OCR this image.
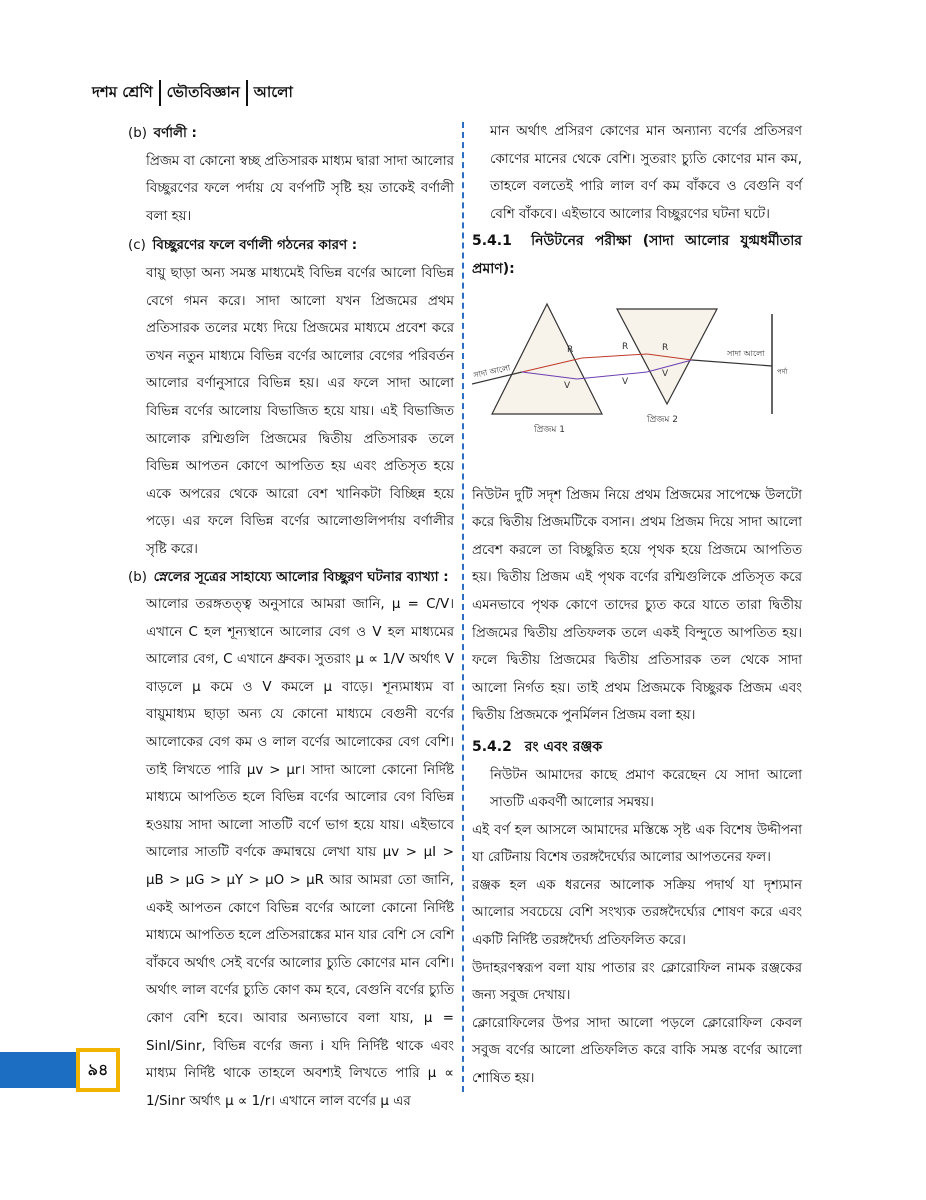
দশম শ্রেণি ভৌতবিজ্ঞান আলো

(b) বর্ণালী :

প্রিজম বা কোনো স্বচ্ছ প্রতিসারক মাধ্যম দ্বারা সাদা আলোর বিচ্ছুরণের ফলে পর্দায় যে বর্ণপটি সৃষ্টি হয় তাকেই বর্ণালী বলা হয়।

(c) বিচ্ছুরণের ফলে বর্ণালী গঠনের কারণ :

বায়ু ছাড়া অন্য সমস্ত মাধ্যমেই বিভিন্ন বর্ণের আলো বিভিন্ন বেগে গমন করে। সাদা আলো যখন প্রিজমের প্রথম প্রতিসারক তলের মধ্যে দিয়ে প্রিজমের মাধ্যমে প্রবেশ করে তখন নতুন মাধ্যমে বিভিন্ন বর্ণের আলোর বেগের পরিবর্তন আলোর বর্ণানুসারে বিভিন্ন হয়। এর ফলে সাদা আলো বিভিন্ন বর্ণের আলোয় বিভাজিত হয়ে যায়। এই বিভাজিত আলোক রশ্মিগুলি প্রিজমের দ্বিতীয় প্রতিসারক তলে বিভিন্ন আপতন কোণে আপতিত হয় এবং প্রতিসৃত হয়ে একে অপরের থেকে আরো বেশ খানিকটা বিচ্ছিন্ন হয়ে পড়ে। এর ফলে বিভিন্ন বর্ণের আলোগুলিপর্দায় বর্ণালীর সৃষ্টি করে।

(b) স্নেলের সূত্রের সাহায্যে আলোর বিচ্ছুরণ ঘটনার ব্যাখ্যা :

আলোর তরঙ্গতত্ত্ব অনুসারে আমরা জানি, μ = C/V। এখানে C হল শূন্যস্থানে আলোর বেগ ও V হল মাধ্যমের আলোর বেগ, C এখানে ধ্রুবক। সুতরাং μ ∝ 1/V অর্থাৎ V বাড়লে μ কমে ও V কমলে μ বাড়ে। শূন্যমাধ্যম বা বায়ুমাধ্যম ছাড়া অন্য যে কোনো মাধ্যমে বেগুনী বর্ণের আলোকের বেগ কম ও লাল বর্ণের আলোকের বেগ বেশি। তাই লিখতে পারি μv > μr। সাদা আলো কোনো নির্দিষ্ট মাধ্যমে আপতিত হলে বিভিন্ন বর্ণের আলোর বেগ বিভিন্ন হওয়ায় সাদা আলো সাতটি বর্ণে ভাগ হয়ে যায়। এইভাবে আলোর সাতটি বর্ণকে ক্রমান্বয়ে লেখা যায় μv > μI > μB > μG > μY > μO > μR আর আমরা তো জানি, একই আপতন কোণে বিভিন্ন বর্ণের আলো কোনো নির্দিষ্ট মাধ্যমে আপতিত হলে প্রতিসরাঙ্কের মান যার বেশি সে বেশি বাঁকবে অর্থাৎ সেই বর্ণের আলোর চ্যুতি কোণের মান বেশি। অর্থাৎ লাল বর্ণের চ্যুতি কোণ কম হবে, বেগুনি বর্ণের চ্যুতি কোণ বেশি হবে। আবার অন্যভাবে বলা যায়, μ = SinI/Sinr, বিভিন্ন বর্ণের জন্য i যদি নির্দিষ্ট থাকে এবং মাধ্যম নির্দিষ্ট থাকে তাহলে অবশ্যই লিখতে পারি μ ∝ 1/Sinr অর্থাৎ μ ∝ 1/r। এখানে লাল বর্ণের μ এর

মান অর্থাৎ প্রসিরণ কোণের মান অন্যান্য বর্ণের প্রতিসরণ কোণের মানের থেকে বেশি। সুতরাং চ্যুতি কোণের মান কম, তাহলে বলতেই পারি লাল বর্ণ কম বাঁকবে ও বেগুনি বর্ণ বেশি বাঁকবে। এইভাবে আলোর বিচ্ছুরণের ঘটনা ঘটে।

5.4.1 নিউটনের পরীক্ষা (সাদা আলোর যুগ্মধর্মীতার প্রমাণ):

সাদা আলো
সাদা আলো
পর্দা
প্রিজম 1
প্রিজম 2
R
V
R
V
R
V

নিউটন দুটি সদৃশ প্রিজম নিয়ে প্রথম প্রিজমের সাপেক্ষে উলটো করে দ্বিতীয় প্রিজমটিকে বসান। প্রথম প্রিজম দিয়ে সাদা আলো প্রবেশ করলে তা বিচ্ছুরিত হয়ে পৃথক হয়ে প্রিজমে আপতিত হয়। দ্বিতীয় প্রিজম এই পৃথক বর্ণের রশ্মিগুলিকে প্রতিসৃত করে এমনভাবে পৃথক কোণে তাদের চ্যুত করে যাতে তারা দ্বিতীয় প্রিজমের দ্বিতীয় প্রতিফলক তলে একই বিন্দুতে আপতিত হয়। ফলে দ্বিতীয় প্রিজমের দ্বিতীয় প্রতিসারক তল থেকে সাদা আলো নির্গত হয়। তাই প্রথম প্রিজমকে বিচ্ছুরক প্রিজম এবং দ্বিতীয় প্রিজমকে পুনর্মিলন প্রিজম বলা হয়।

5.4.2 রং এবং রঞ্জক

নিউটন আমাদের কাছে প্রমাণ করেছেন যে সাদা আলো সাতটি একবর্ণী আলোর সমন্বয়।

এই বর্ণ হল আসলে আমাদের মস্তিষ্কে সৃষ্ট এক বিশেষ উদ্দীপনা যা রেটিনায় বিশেষ তরঙ্গদৈর্ঘ্যের আলোর আপতনের ফল।

রঞ্জক হল এক ধরনের আলোক সক্রিয় পদার্থ যা দৃশ্যমান আলোর সবচেয়ে বেশি সংখ্যক তরঙ্গদৈর্ঘ্যের শোষণ করে এবং একটি নির্দিষ্ট তরঙ্গদৈর্ঘ্য প্রতিফলিত করে।

উদাহরণস্বরূপ বলা যায় পাতার রং ক্লোরোফিল নামক রঞ্জকের জন্য সবুজ দেখায়।

ক্লোরোফিলের উপর সাদা আলো পড়লে ক্লোরোফিল কেবল সবুজ বর্ণের আলো প্রতিফলিত করে বাকি সমস্ত বর্ণের আলো শোষিত হয়।

৯৪
